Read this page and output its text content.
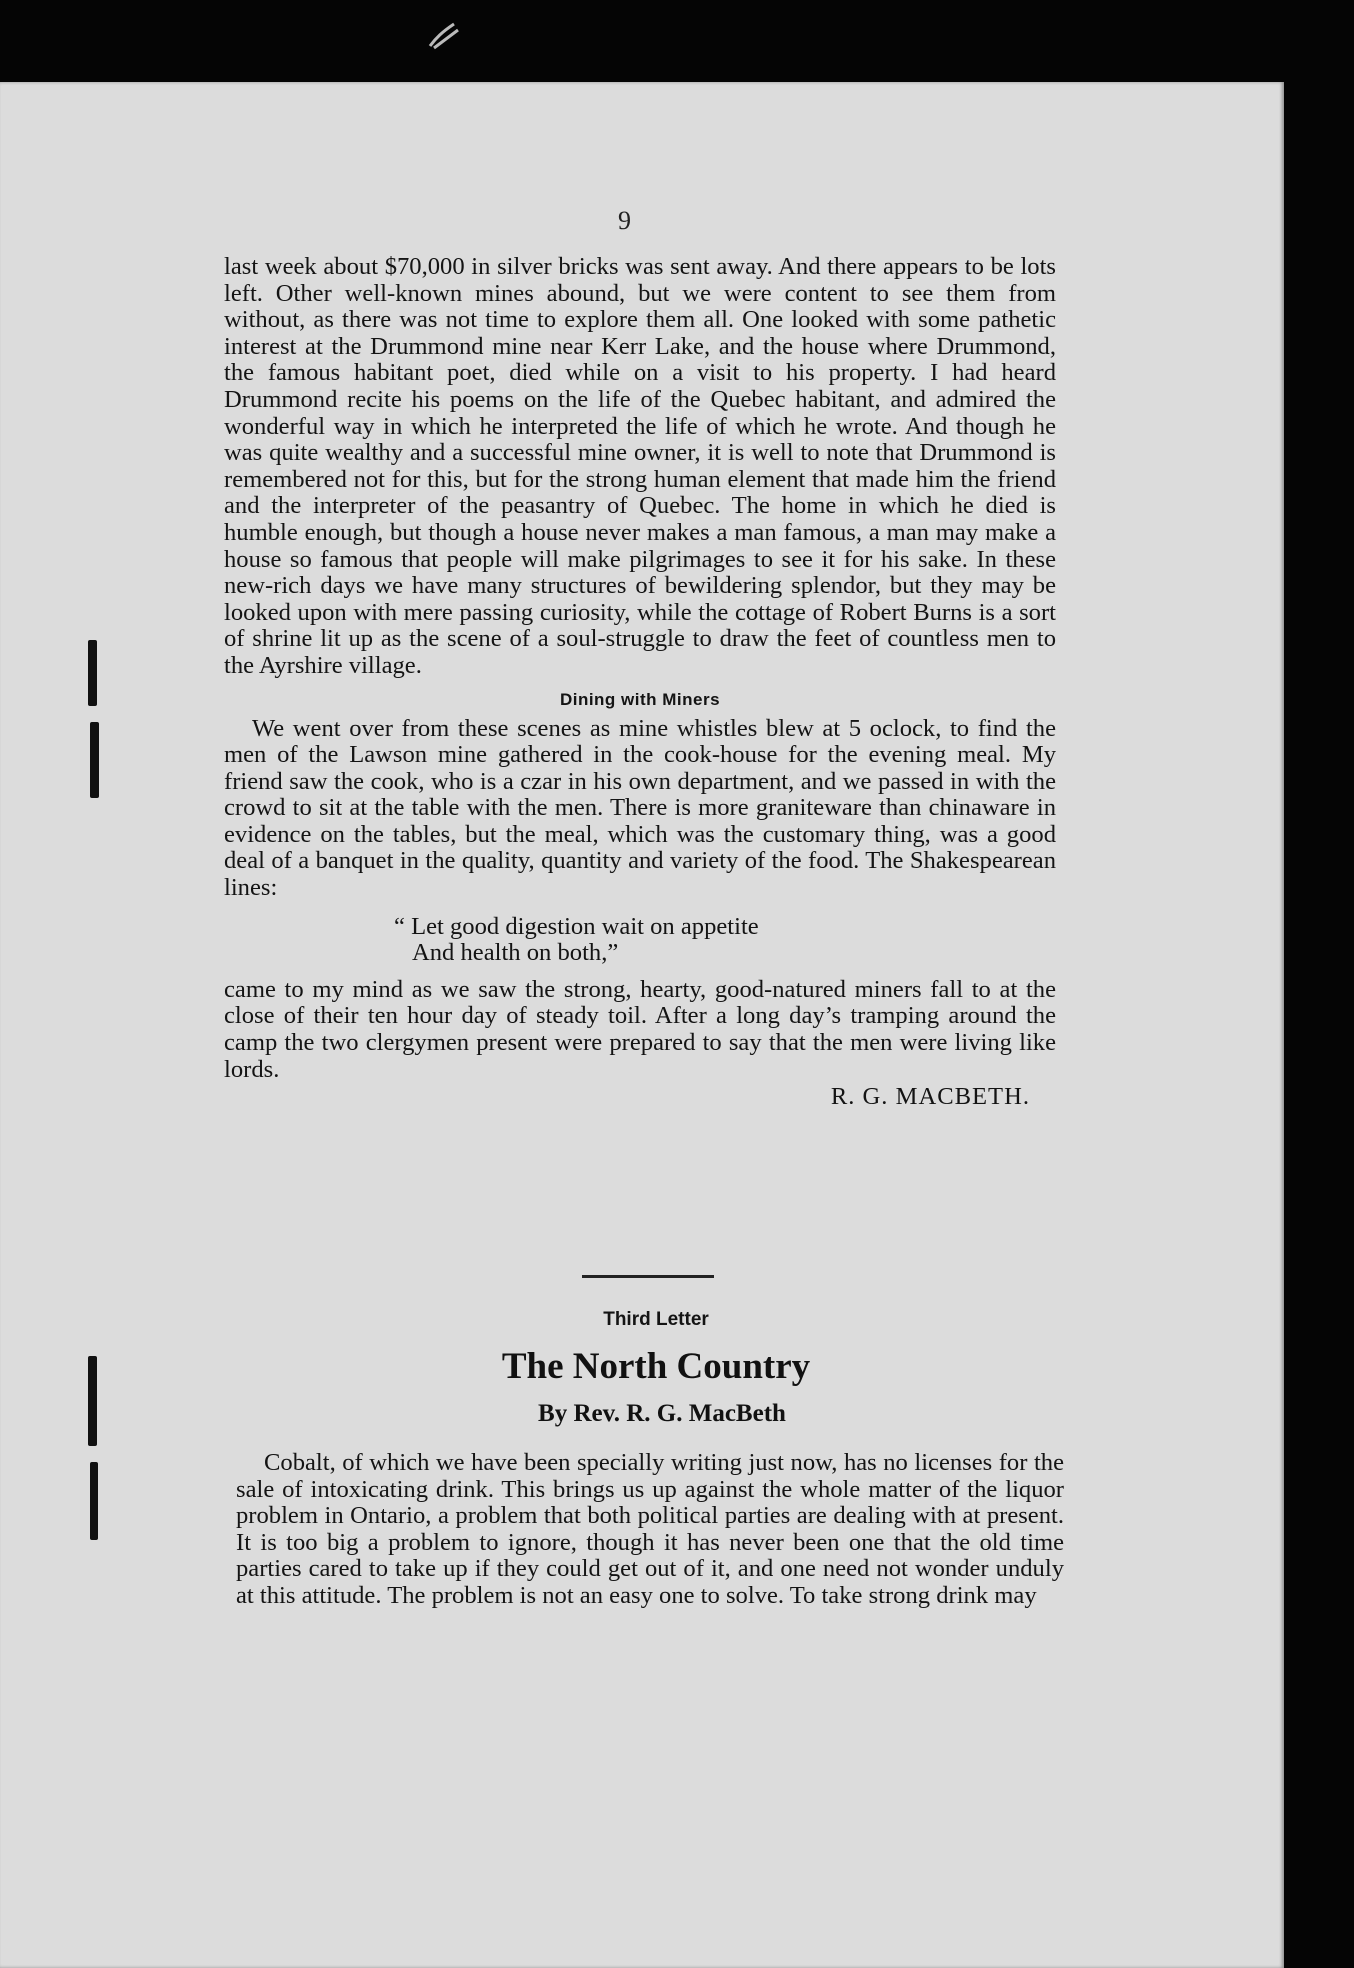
9

last week about $70,000 in silver bricks was sent away. And there appears to be lots left. Other well-known mines abound, but we were content to see them from without, as there was not time to explore them all. One looked with some pathetic interest at the Drummond mine near Kerr Lake, and the house where Drummond, the famous habitant poet, died while on a visit to his property. I had heard Drummond recite his poems on the life of the Quebec habitant, and admired the wonderful way in which he interpreted the life of which he wrote. And though he was quite wealthy and a successful mine owner, it is well to note that Drummond is remembered not for this, but for the strong human element that made him the friend and the interpreter of the peasantry of Quebec. The home in which he died is humble enough, but though a house never makes a man famous, a man may make a house so famous that people will make pilgrimages to see it for his sake. In these new-rich days we have many structures of bewildering splendor, but they may be looked upon with mere passing curiosity, while the cottage of Robert Burns is a sort of shrine lit up as the scene of a soul-struggle to draw the feet of countless men to the Ayrshire village.

Dining with Miners

We went over from these scenes as mine whistles blew at 5 oclock, to find the men of the Lawson mine gathered in the cook-house for the evening meal. My friend saw the cook, who is a czar in his own department, and we passed in with the crowd to sit at the table with the men. There is more graniteware than chinaware in evidence on the tables, but the meal, which was the customary thing, was a good deal of a banquet in the quality, quantity and variety of the food. The Shakespearean lines:

“ Let good digestion wait on appetite
And health on both,”

came to my mind as we saw the strong, hearty, good-natured miners fall to at the close of their ten hour day of steady toil. After a long day’s tramping around the camp the two clergymen present were prepared to say that the men were living like lords.

R. G. MACBETH.
Third Letter
The North Country
By Rev. R. G. MacBeth

Cobalt, of which we have been specially writing just now, has no licenses for the sale of intoxicating drink. This brings us up against the whole matter of the liquor problem in Ontario, a problem that both political parties are dealing with at present. It is too big a problem to ignore, though it has never been one that the old time parties cared to take up if they could get out of it, and one need not wonder unduly at this attitude. The problem is not an easy one to solve. To take strong drink may
